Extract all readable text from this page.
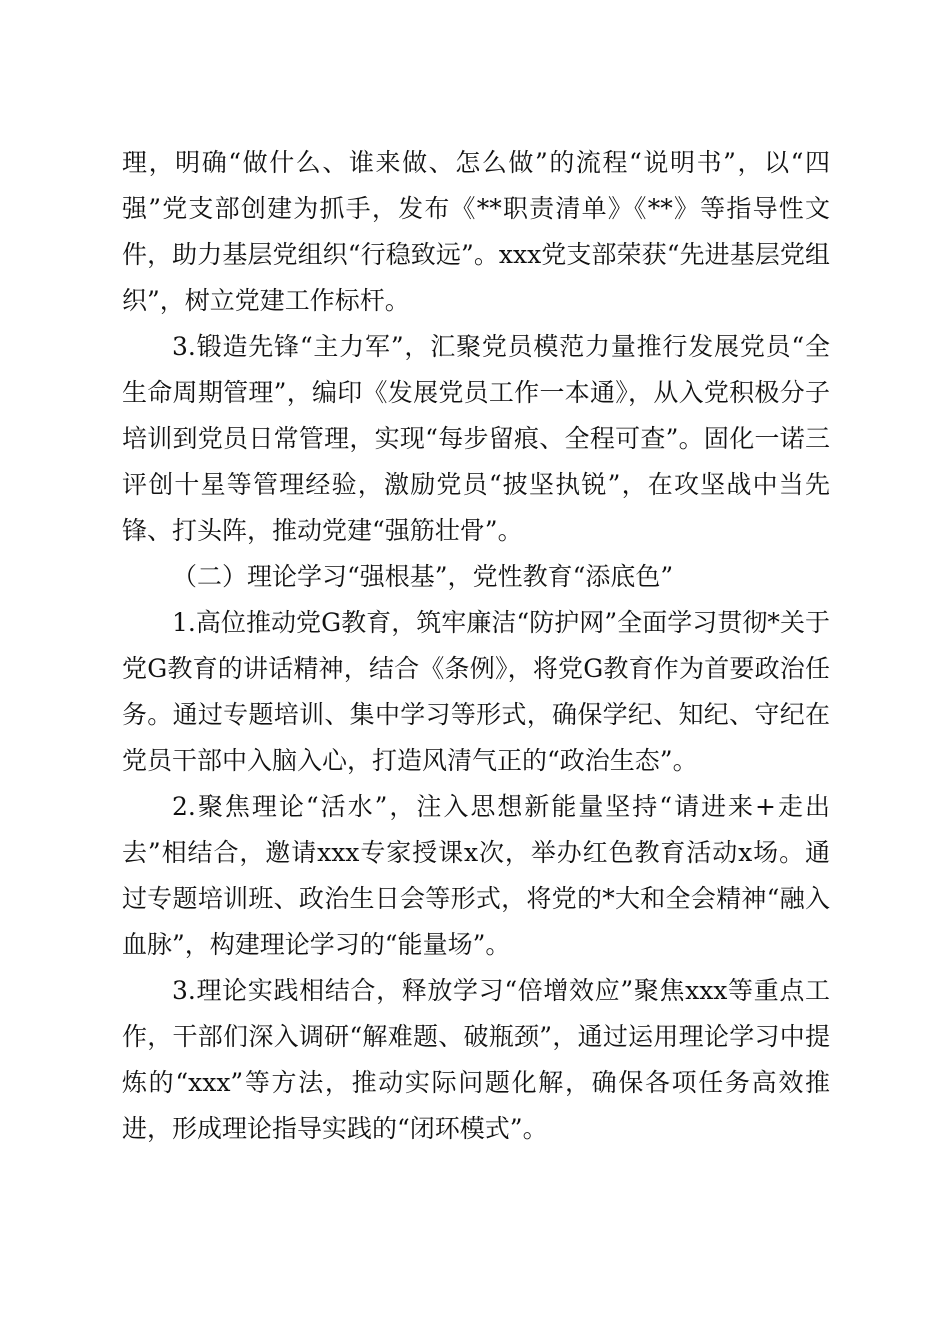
理，明确“做什么、谁来做、怎么做”的流程“说明书”，以“四强”党支部创建为抓手，发布《**职责清单》《**》等指导性文件，助力基层党组织“行稳致远”。xxx党支部荣获“先进基层党组织”，树立党建工作标杆。

3.锻造先锋“主力军”，汇聚党员模范力量推行发展党员“全生命周期管理”，编印《发展党员工作一本通》，从入党积极分子培训到党员日常管理，实现“每步留痕、全程可查”。固化一诺三评创十星等管理经验，激励党员“披坚执锐”，在攻坚战中当先锋、打头阵，推动党建“强筋壮骨”。

（二）理论学习“强根基”，党性教育“添底色”

1.高位推动党G教育，筑牢廉洁“防护网”全面学习贯彻*关于党G教育的讲话精神，结合《条例》，将党G教育作为首要政治任务。通过专题培训、集中学习等形式，确保学纪、知纪、守纪在党员干部中入脑入心，打造风清气正的“政治生态”。

2.聚焦理论“活水”，注入思想新能量坚持“请进来+走出去”相结合，邀请xxx专家授课x次，举办红色教育活动x场。通过专题培训班、政治生日会等形式，将党的*大和全会精神“融入血脉”，构建理论学习的“能量场”。

3.理论实践相结合，释放学习“倍增效应”聚焦xxx等重点工作，干部们深入调研“解难题、破瓶颈”，通过运用理论学习中提炼的“xxx”等方法，推动实际问题化解，确保各项任务高效推进，形成理论指导实践的“闭环模式”。
